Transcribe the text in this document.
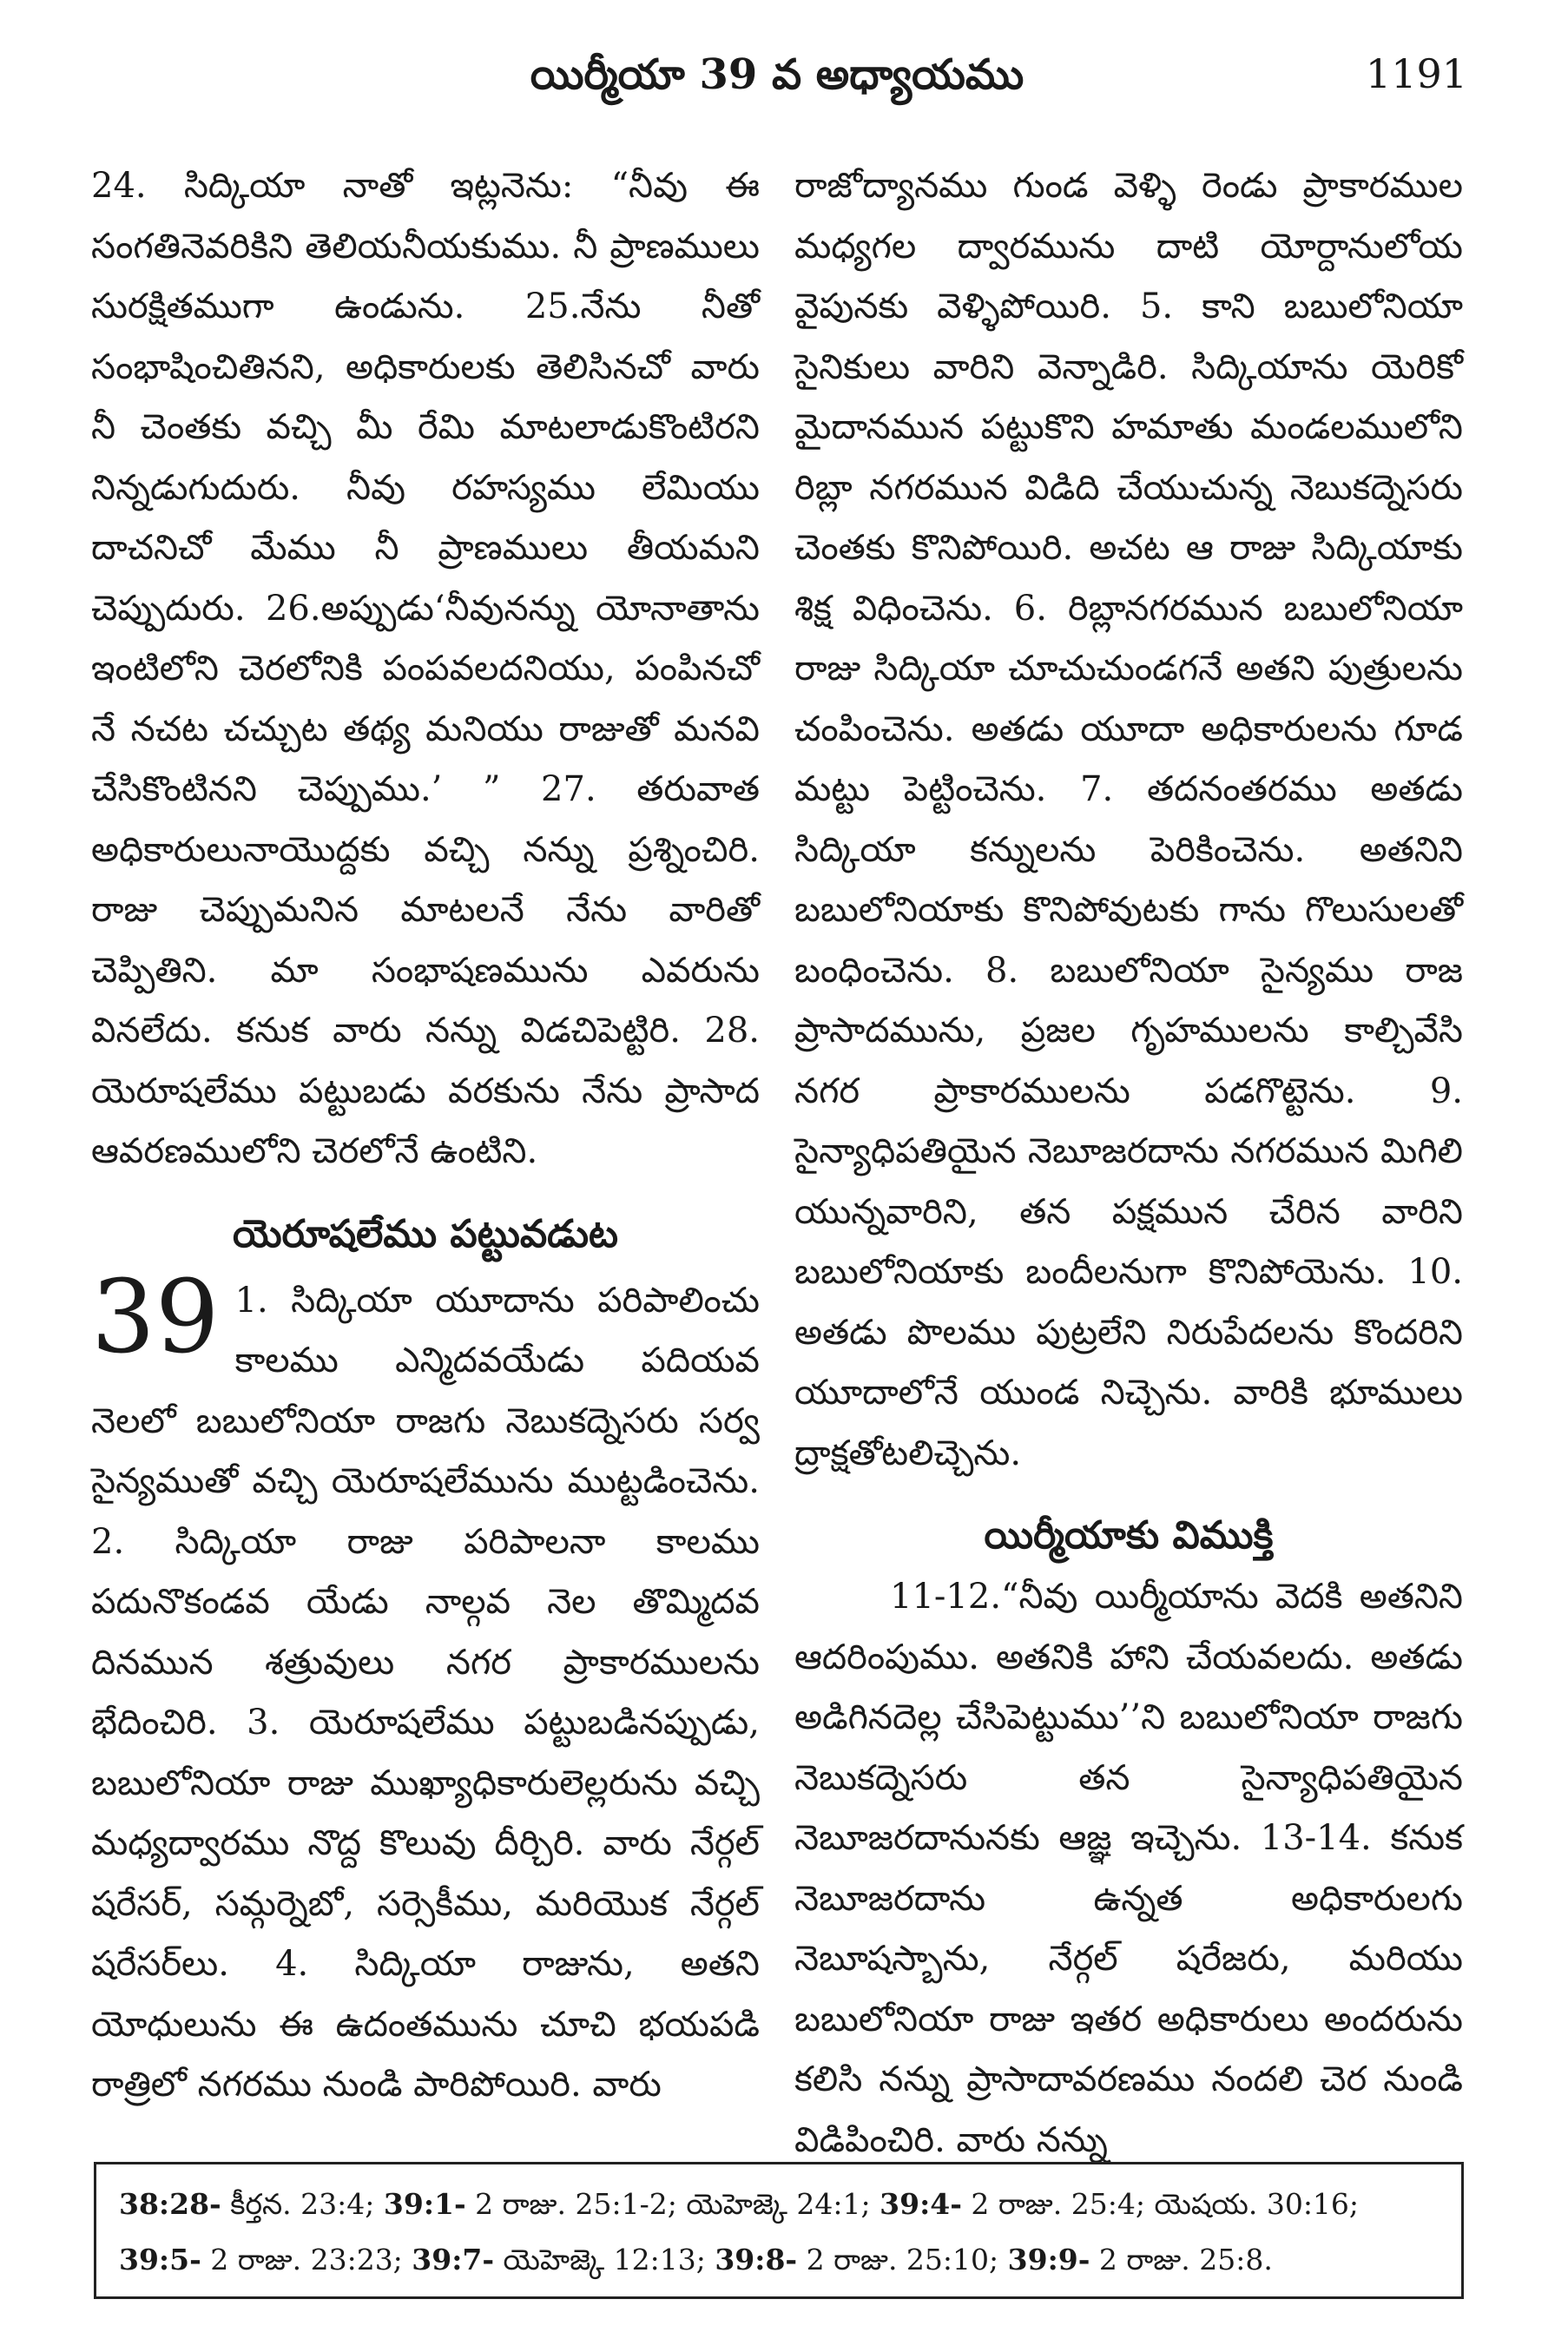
యిర్మీయా 39 వ అధ్యాయము	1191

24. సిద్కియా నాతో ఇట్లనెను: “నీవు ఈ సంగతినెవరికిని తెలియనీయకుము. నీ ప్రాణములు సురక్షితముగా ఉండును. 25.నేను నీతో సంభాషించితినని, అధికారులకు తెలిసినచో వారు నీ చెంతకు వచ్చి మీ రేమి మాటలాడుకొంటిరని నిన్నడుగుదురు. నీవు రహస్యము లేమియు దాచనిచో మేము నీ ప్రాణములు తీయమని చెప్పుదురు. 26.అప్పుడు‘నీవునన్ను యోనాతాను ఇంటిలోని చెరలోనికి పంపవలదనియు, పంపినచో నే నచట చచ్చుట తథ్య మనియు రాజుతో మనవి చేసికొంటినని చెప్పుము.’ ” 27. తరువాత అధికారులునాయొద్దకు వచ్చి నన్ను ప్రశ్నించిరి. రాజు చెప్పుమనిన మాటలనే నేను వారితో చెప్పితిని. మా సంభాషణమును ఎవరును వినలేదు. కనుక వారు నన్ను విడచిపెట్టిరి. 28. యెరూషలేము పట్టుబడు వరకును నేను ప్రాసాద ఆవరణములోని చెరలోనే ఉంటిని.

యెరూషలేము పట్టువడుట
39 1. సిద్కియా యూదాను పరిపాలించు కాలము ఎన్మిదవయేడు పదియవ నెలలో బబులోనియా రాజగు నెబుకద్నెసరు సర్వ సైన్యముతో వచ్చి యెరూషలేమును ముట్టడించెను. 2. సిద్కియా రాజు పరిపాలనా కాలము పదునొకండవ యేడు నాల్గవ నెల తొమ్మిదవ దినమున శత్రువులు నగర ప్రాకారములను భేదించిరి. 3. యెరూషలేము పట్టుబడినప్పుడు, బబులోనియా రాజు ముఖ్యాధికారులెల్లరును వచ్చి మధ్యద్వారము నొద్ద కొలువు దీర్చిరి. వారు నేర్గల్ షరేసర్, సమ్గర్నెబో, సర్సెకీము, మరియొక నేర్గల్ షరేసర్‌లు. 4. సిద్కియా రాజును, అతని యోధులును ఈ ఉదంతమును చూచి భయపడి రాత్రిలో నగరము నుండి పారిపోయిరి. వారు

రాజోద్యానము గుండ వెళ్ళి రెండు ప్రాకారముల మధ్యగల ద్వారమును దాటి యోర్దానులోయ వైపునకు వెళ్ళిపోయిరి. 5. కాని బబులోనియా సైనికులు వారిని వెన్నాడిరి. సిద్కియాను యెరికో మైదానమున పట్టుకొని హమాతు మండలములోని రిబ్లా నగరమున విడిది చేయుచున్న నెబుకద్నెసరు చెంతకు కొనిపోయిరి. అచట ఆ రాజు సిద్కియాకు శిక్ష విధించెను. 6. రిబ్లానగరమున బబులోనియా రాజు సిద్కియా చూచుచుండగనే అతని పుత్రులను చంపించెను. అతడు యూదా అధికారులను గూడ మట్టు పెట్టించెను. 7. తదనంతరము అతడు సిద్కియా కన్నులను పెరికించెను. అతనిని బబులోనియాకు కొనిపోవుటకు గాను గొలుసులతో బంధించెను. 8. బబులోనియా సైన్యము రాజ ప్రాసాదమును, ప్రజల గృహములను కాల్చివేసి నగర ప్రాకారములను పడగొట్టెను. 9. సైన్యాధిపతియైన నెబూజరదాను నగరమున మిగిలి యున్నవారిని, తన పక్షమున చేరిన వారిని బబులోనియాకు బందీలనుగా కొనిపోయెను. 10. అతడు పొలము పుట్రలేని నిరుపేదలను కొందరిని యూదాలోనే యుండ నిచ్చెను. వారికి భూములు ద్రాక్షతోటలిచ్చెను.

యిర్మీయాకు విముక్తి

11-12.“నీవు యిర్మీయాను వెదకి అతనిని ఆదరింపుము. అతనికి హాని చేయవలదు. అతడు అడిగినదెల్ల చేసిపెట్టుము’’ని బబులోనియా రాజగు నెబుకద్నెసరు తన సైన్యాధిపతియైన నెబూజరదానునకు ఆజ్ఞ ఇచ్చెను. 13-14. కనుక నెబూజరదాను ఉన్నత అధికారులగు నెబూషస్బాను, నేర్గల్ షరేజరు, మరియు బబులోనియా రాజు ఇతర అధికారులు అందరును కలిసి నన్ను ప్రాసాదావరణము నందలి చెర నుండి విడిపించిరి. వారు నన్ను

38:28- కీర్తన. 23:4; 39:1- 2 రాజు. 25:1-2; యెహెజ్కె 24:1; 39:4- 2 రాజు. 25:4; యెషయ. 30:16; 39:5- 2 రాజు. 23:23; 39:7- యెహెజ్కె 12:13; 39:8- 2 రాజు. 25:10; 39:9- 2 రాజు. 25:8.
